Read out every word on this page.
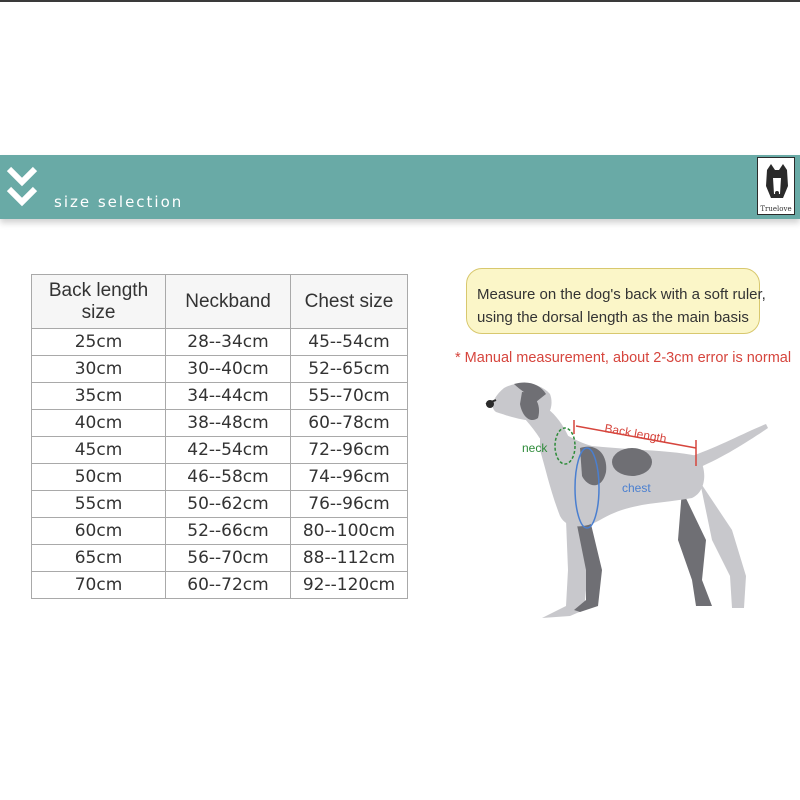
size selection	Truelove
Back length size	Neckband	Chest size
25cm	28--34cm	45--54cm
30cm	30--40cm	52--65cm
35cm	34--44cm	55--70cm
40cm	38--48cm	60--78cm
45cm	42--54cm	72--96cm
50cm	46--58cm	74--96cm
55cm	50--62cm	76--96cm
60cm	52--66cm	80--100cm
65cm	56--70cm	88--112cm
70cm	60--72cm	92--120cm
Measure on the dog's back with a soft ruler,
using the dorsal length as the main basis
* Manual measurement, about 2-3cm error is normal
neck
chest
Back length
